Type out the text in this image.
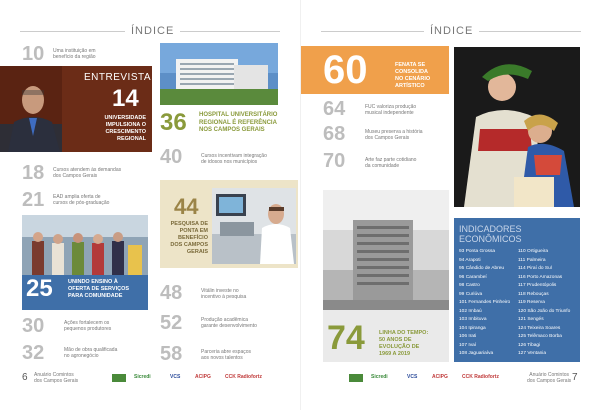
ÍNDICE
10 Uma instituição em
benefício da região
ENTREVISTA
14
UNIVERSIDADE
IMPULSIONA O
CRESCIMENTO
REGIONAL
18 Cursos atendem às demandas
dos Campos Gerais
21 EAD amplia oferta de
cursos de pós-graduação
25	UNINDO ENSINO À
OFERTA DE SERVIÇOS
PARA COMUNIDADE
30	Ações fortalecem os
pequenos produtores
32	Mão de obra qualificada
no agronegócio
36 HOSPITAL UNIVERSITÁRIO
REGIONAL É REFERÊNCIA
NOS CAMPOS GERAIS
40	Cursos incentivam integração
de idosos nos municípios
44
PESQUISA DE
PONTA EM
BENEFÍCIO
DOS CAMPOS
GERAIS
48	Vitálin investe no
incentivo à pesquisa
52	Produção acadêmica
garante desenvolvimento
58	Parceria abre espaços
aos novos talentos
6 Anuário Comintos
dos Campos Gerais
Sicredi	VCS	ACIPG	CCK Radiofortz
ÍNDICE
60	FENATA SE
CONSOLIDA
NO CENÁRIO
ARTÍSTICO
64	FUC valoriza produção
musical independente
68	Museu preserva a história
dos Campos Gerais
70	Arte faz parte cotidiano
da comunidade
74	LINHA DO TEMPO:
50 ANOS DE
EVOLUÇÃO DE
1969 A 2019
INDICADORES
ECONÔMICOS
93 Ponta Grossa
94 Arapoti
95 Cândido de Abreu
96 Carambeí
98 Castro
99 Curiúva
101 Fernandes Pinheiro
102 Imbaú
103 Imbituva
104 Ipiranga
106 Irati
107 Ivaí
108 Jaguariaíva
110 Ortigueira
111 Palmeira
114 Piraí do Sul
116 Porto Amazonas
117 Prudentópolis
118 Rebouças
119 Reserva
120 São João do Triunfo
121 Sengés
124 Teixeira Soares
125 Telêmaco Borba
126 Tibagi
127 Ventania
Sicredi	VCS	ACIPG	CCK Radiofortz	Anuário Comintos
dos Campos Gerais 7
